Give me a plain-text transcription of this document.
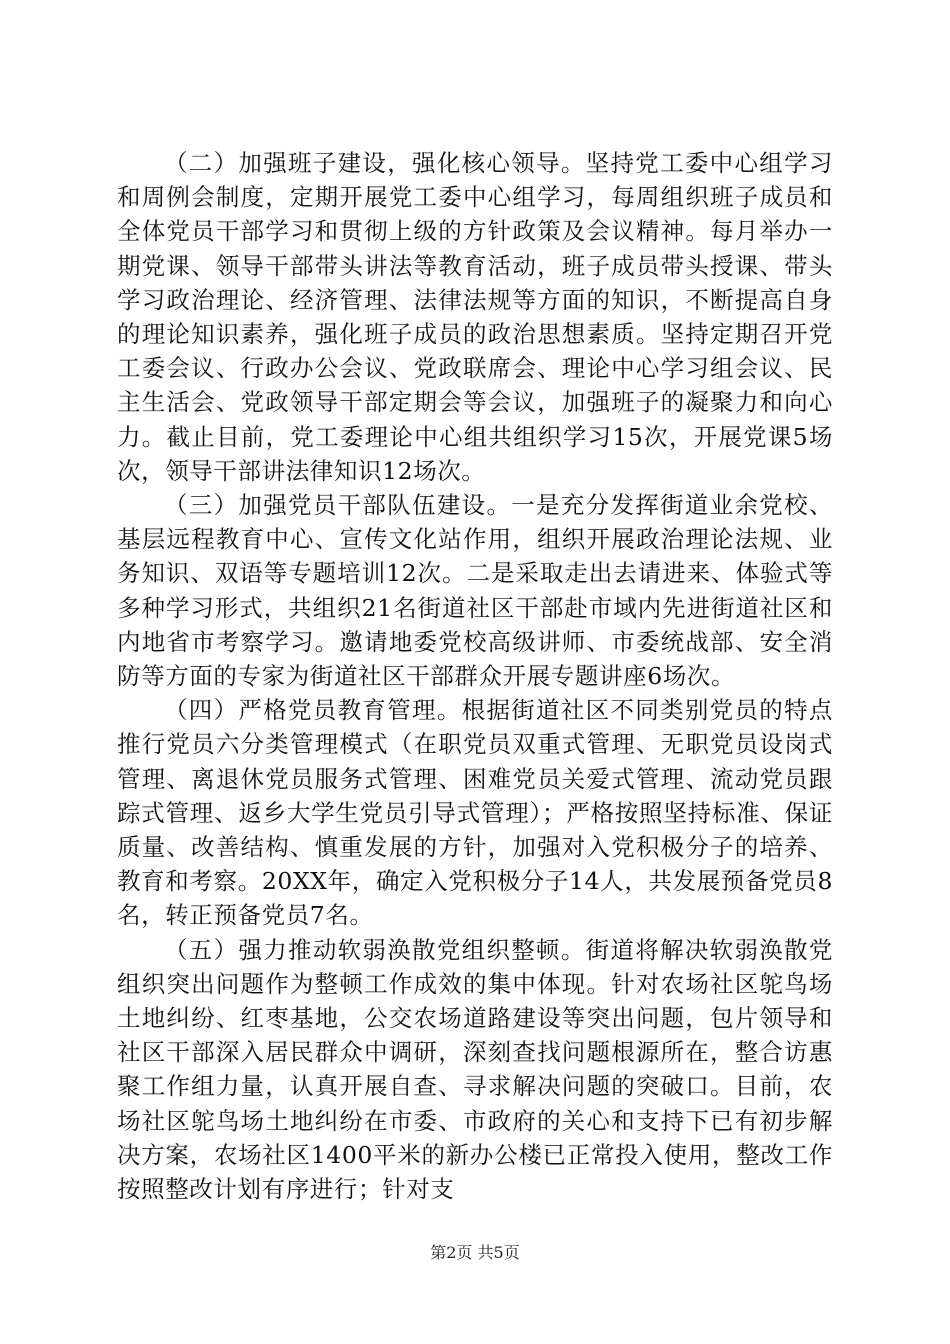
（二）加强班子建设，强化核心领导。坚持党工委中心组学习和周例会制度，定期开展党工委中心组学习，每周组织班子成员和全体党员干部学习和贯彻上级的方针政策及会议精神。每月举办一期党课、领导干部带头讲法等教育活动，班子成员带头授课、带头学习政治理论、经济管理、法律法规等方面的知识，不断提高自身的理论知识素养，强化班子成员的政治思想素质。坚持定期召开党工委会议、行政办公会议、党政联席会、理论中心学习组会议、民主生活会、党政领导干部定期会等会议，加强班子的凝聚力和向心力。截止目前，党工委理论中心组共组织学习15次，开展党课5场次，领导干部讲法律知识12场次。

（三）加强党员干部队伍建设。一是充分发挥街道业余党校、基层远程教育中心、宣传文化站作用，组织开展政治理论法规、业务知识、双语等专题培训12次。二是采取走出去请进来、体验式等多种学习形式，共组织21名街道社区干部赴市域内先进街道社区和内地省市考察学习。邀请地委党校高级讲师、市委统战部、安全消防等方面的专家为街道社区干部群众开展专题讲座6场次。

（四）严格党员教育管理。根据街道社区不同类别党员的特点推行党员六分类管理模式（在职党员双重式管理、无职党员设岗式管理、离退休党员服务式管理、困难党员关爱式管理、流动党员跟踪式管理、返乡大学生党员引导式管理）；严格按照坚持标准、保证质量、改善结构、慎重发展的方针，加强对入党积极分子的培养、教育和考察。20XX年，确定入党积极分子14人，共发展预备党员8名，转正预备党员7名。

（五）强力推动软弱涣散党组织整顿。街道将解决软弱涣散党组织突出问题作为整顿工作成效的集中体现。针对农场社区鸵鸟场土地纠纷、红枣基地，公交农场道路建设等突出问题，包片领导和社区干部深入居民群众中调研，深刻查找问题根源所在，整合访惠聚工作组力量，认真开展自查、寻求解决问题的突破口。目前，农场社区鸵鸟场土地纠纷在市委、市政府的关心和支持下已有初步解决方案，农场社区1400平米的新办公楼已正常投入使用，整改工作按照整改计划有序进行；针对支

第2页 共5页
